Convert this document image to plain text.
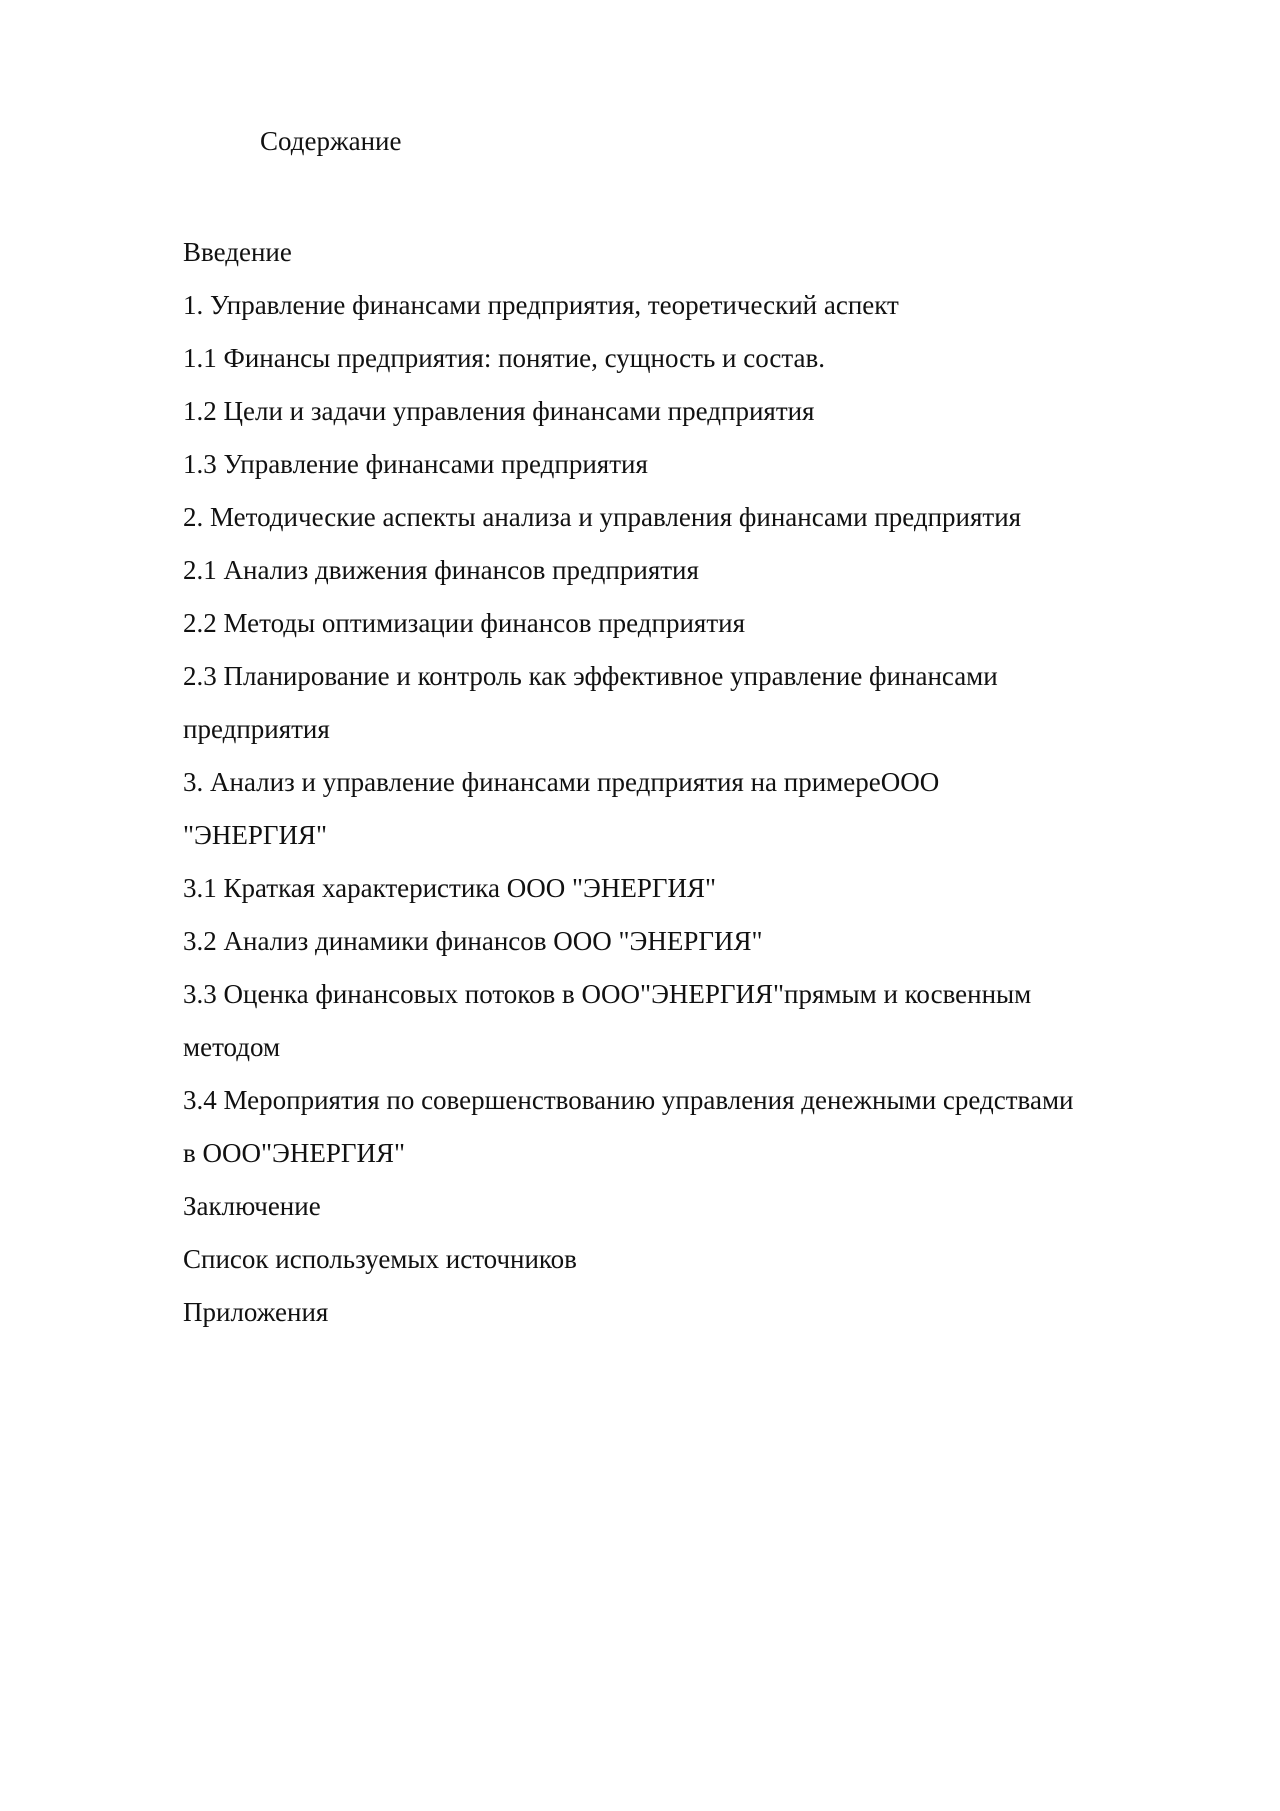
Содержание
Введение
1. Управление финансами предприятия, теоретический аспект
1.1 Финансы предприятия: понятие, сущность и состав.
1.2 Цели и задачи управления финансами предприятия
1.3 Управление финансами предприятия
2. Методические аспекты анализа и управления финансами предприятия
2.1 Анализ движения финансов предприятия
2.2 Методы оптимизации финансов предприятия
2.3 Планирование и контроль как эффективное управление финансами
предприятия
3. Анализ и управление финансами предприятия на примереООО
"ЭНЕРГИЯ"
3.1 Краткая характеристика ООО "ЭНЕРГИЯ"
3.2 Анализ динамики финансов ООО "ЭНЕРГИЯ"
3.3 Оценка финансовых потоков в ООО"ЭНЕРГИЯ"прямым и косвенным
методом
3.4 Мероприятия по совершенствованию управления денежными средствами
в ООО"ЭНЕРГИЯ"
Заключение
Список используемых источников
Приложения
